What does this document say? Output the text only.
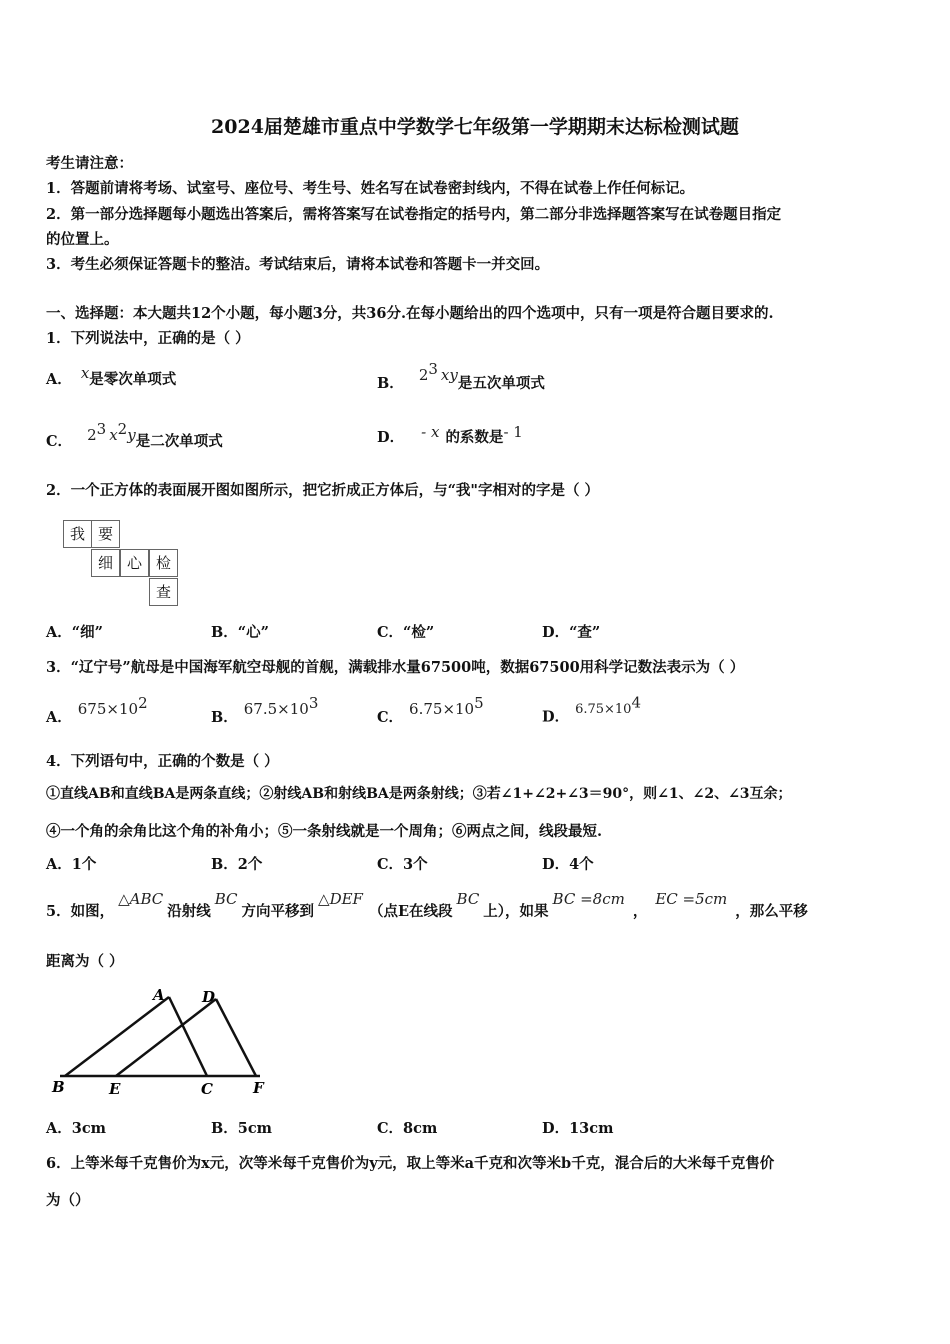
2024届楚雄市重点中学数学七年级第一学期期末达标检测试题
考生请注意：
1．答题前请将考场、试室号、座位号、考生号、姓名写在试卷密封线内，不得在试卷上作任何标记。
2．第一部分选择题每小题选出答案后，需将答案写在试卷指定的括号内，第二部分非选择题答案写在试卷题目指定
的位置上。
3．考生必须保证答题卡的整洁。考试结束后，请将本试卷和答题卡一并交回。
一、选择题：本大题共12个小题，每小题3分，共36分.在每小题给出的四个选项中，只有一项是符合题目要求的.
1．下列说法中，正确的是（ ）
A． x是零次单项式	B． $2^3$ xy是五次单项式
C． $2^3$ $x^2y$是二次单项式	D． - x 的系数是- 1
2．一个正方体的表面展开图如图所示，把它折成正方体后，与“我"字相对的字是（ ）
我 要
细 心 检
查
A．“细”	B．“心”	C．“检”	D．“查”
3．“辽宁号”航母是中国海军航空母舰的首舰，满载排水量67500吨，数据67500用科学记数法表示为（ ）
A． $675\times 10^2$
B． $67.5\times 10^3$
C． $6.75\times 10^5$
D． $6.75\times 10^4$
4．下列语句中，正确的个数是（ ）
①直线AB和直线BA是两条直线；②射线AB和射线BA是两条射线；③若∠1+∠2+∠3＝90°，则∠1、∠2、∠3互余；
④一个角的余角比这个角的补角小；⑤一条射线就是一个周角；⑥两点之间，线段最短.
A．1个	B．2个	C．3个	D．4个
5．如图，△ABC沿射线BC方向平移到△DEF（点E在线段BC上），如果BC =8cm，EC =5cm，那么平移
距离为（ ）
A D
B	E	C	F
A．3cm	B．5cm	C．8cm	D．13cm
6．上等米每千克售价为x元，次等米每千克售价为y元，取上等米a千克和次等米b千克，混合后的大米每千克售价
为（）
